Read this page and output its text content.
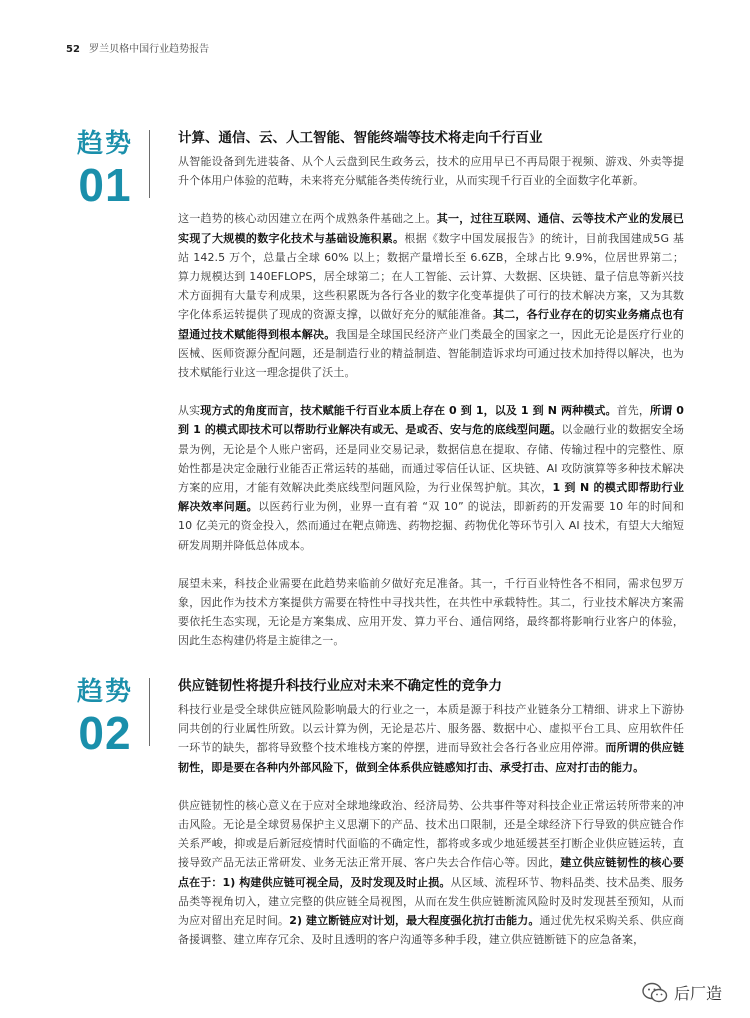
52 罗兰贝格中国行业趋势报告
趋势
01
计算、通信、云、人工智能、智能终端等技术将走向千行百业

从智能设备到先进装备、从个人云盘到民生政务云，技术的应用早已不再局限于视频、游戏、外卖等提升个体用户体验的范畴，未来将充分赋能各类传统行业，从而实现千行百业的全面数字化革新。

这一趋势的核心动因建立在两个成熟条件基础之上。其一，过往互联网、通信、云等技术产业的发展已实现了大规模的数字化技术与基础设施积累。根据《数字中国发展报告》的统计，目前我国建成5G 基站 142.5 万个，总量占全球 60% 以上；数据产量增长至 6.6ZB，全球占比 9.9%，位居世界第二；算力规模达到 140EFLOPS，居全球第二；在人工智能、云计算、大数据、区块链、量子信息等新兴技术方面拥有大量专利成果，这些积累既为各行各业的数字化变革提供了可行的技术解决方案，又为其数字化体系运转提供了现成的资源支撑，以做好充分的赋能准备。其二，各行业存在的切实业务痛点也有望通过技术赋能得到根本解决。我国是全球国民经济产业门类最全的国家之一，因此无论是医疗行业的医械、医师资源分配问题，还是制造行业的精益制造、智能制造诉求均可通过技术加持得以解决，也为技术赋能行业这一理念提供了沃土。

从实现方式的角度而言，技术赋能千行百业本质上存在 0 到 1，以及 1 到 N 两种模式。首先，所谓 0 到 1 的模式即技术可以帮助行业解决有或无、是或否、安与危的底线型问题。以金融行业的数据安全场景为例，无论是个人账户密码，还是同业交易记录，数据信息在提取、存储、传输过程中的完整性、原始性都是决定金融行业能否正常运转的基础，而通过零信任认证、区块链、AI 攻防演算等多种技术解决方案的应用，才能有效解决此类底线型问题风险，为行业保驾护航。其次，1 到 N 的模式即帮助行业解决效率问题。以医药行业为例，业界一直有着 “双 10” 的说法，即新药的开发需要 10 年的时间和 10 亿美元的资金投入，然而通过在靶点筛选、药物挖掘、药物优化等环节引入 AI 技术，有望大大缩短研发周期并降低总体成本。

展望未来，科技企业需要在此趋势来临前夕做好充足准备。其一，千行百业特性各不相同，需求包罗万象，因此作为技术方案提供方需要在特性中寻找共性，在共性中承载特性。其二，行业技术解决方案需要依托生态实现，无论是方案集成、应用开发、算力平台、通信网络，最终都将影响行业客户的体验，因此生态构建仍将是主旋律之一。

趋势
02
供应链韧性将提升科技行业应对未来不确定性的竞争力

科技行业是受全球供应链风险影响最大的行业之一，本质是源于科技产业链条分工精细、讲求上下游协同共创的行业属性所致。以云计算为例，无论是芯片、服务器、数据中心、虚拟平台工具、应用软件任一环节的缺失，都将导致整个技术堆栈方案的停摆，进而导致社会各行各业应用停滞。而所谓的供应链韧性，即是要在各种内外部风险下，做到全体系供应链感知打击、承受打击、应对打击的能力。

供应链韧性的核心意义在于应对全球地缘政治、经济局势、公共事件等对科技企业正常运转所带来的冲击风险。无论是全球贸易保护主义思潮下的产品、技术出口限制，还是全球经济下行导致的供应链合作关系严峻，抑或是后新冠疫情时代面临的不确定性，都将或多或少地延缓甚至打断企业供应链运转，直接导致产品无法正常研发、业务无法正常开展、客户失去合作信心等。因此，建立供应链韧性的核心要点在于：1) 构建供应链可视全局，及时发现及时止损。从区域、流程环节、物料品类、技术品类、服务品类等视角切入，建立完整的供应链全局视图，从而在发生供应链断流风险时及时发现甚至预知，从而为应对留出充足时间。2) 建立断链应对计划，最大程度强化抗打击能力。通过优先权采购关系、供应商备援调整、建立库存冗余、及时且透明的客户沟通等多种手段，建立供应链断链下的应急备案，

后厂造
